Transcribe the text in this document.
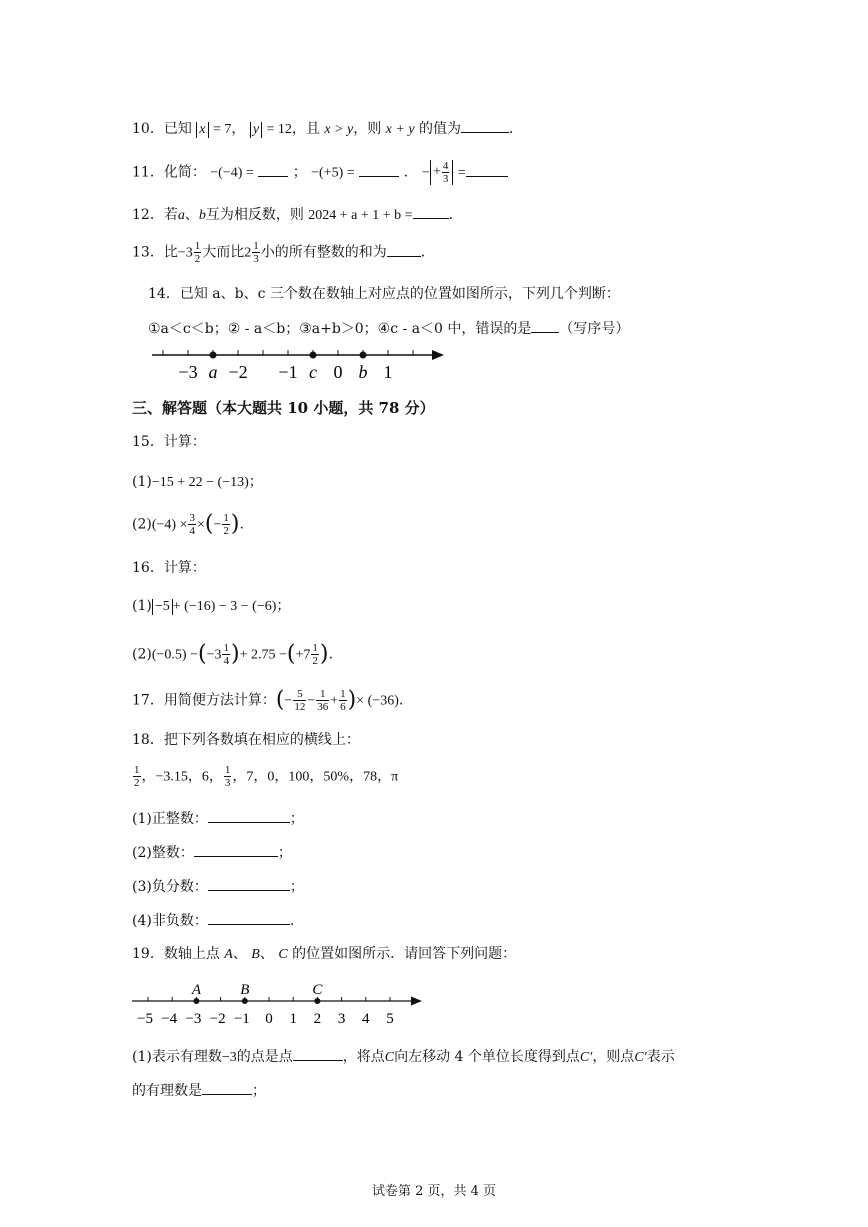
10．已知 x = 7， y = 12，且 x > y，则 x + y 的值为	．
11．化简： −(−4) =	； −(+5) =	． − + $\frac{4}{3}$ =
12．若a、b互为相反数，则 2024 + a + 1 + b =	．
13．比$-3 \frac{1}{2}$ 大而比$2 \frac{1}{3}$ 小的所有整数的和为 ．
14．已知 a、b、c 三个数在数轴上对应点的位置如图所示，下列几个判断：
①a＜c＜b；② - a＜b；③a+b＞0；④c - a＜0 中，错误的是 （写序号）
−3 −2 −1 0 1
a	c b
三、解答题（本大题共 10 小题，共 78 分）
15．计算：
(1)−15 + 22 − (−13)；
$(2)(-4) \times \frac{3}{4}$ ×(− $\frac{1}{2}$ ).
16．计算：
(1) −5 + (−16) − 3 − (−6)；
$(2)(-0.5) -(-3 \frac{1}{4}$ )+ $2.75 -(+7 \frac{1}{2}$ ).
17．用简便方法计算：(− $\frac{5}{12} - \frac{1}{36} + \frac{1}{6}$ )× (−36).
18．把下列各数填在相应的横线上：
$\frac{1}{2}$ ，−3.15，6， $\frac{1}{3}$ ，7，0，100，50%，78，π
(1)正整数：	；
(2)整数：	；
(3)负分数：	；
(4)非负数：	．
19．数轴上点 A、 B、 C 的位置如图所示．请回答下列问题：
−5 −4 −3 −2 −1 0 1 2 3 4 5
A	B	C
(1)表示有理数−3的点是点	，将点C向左移动 4 个单位长度得到点C′，则点C′表示
的有理数是	；
试卷第 2 页，共 4 页
